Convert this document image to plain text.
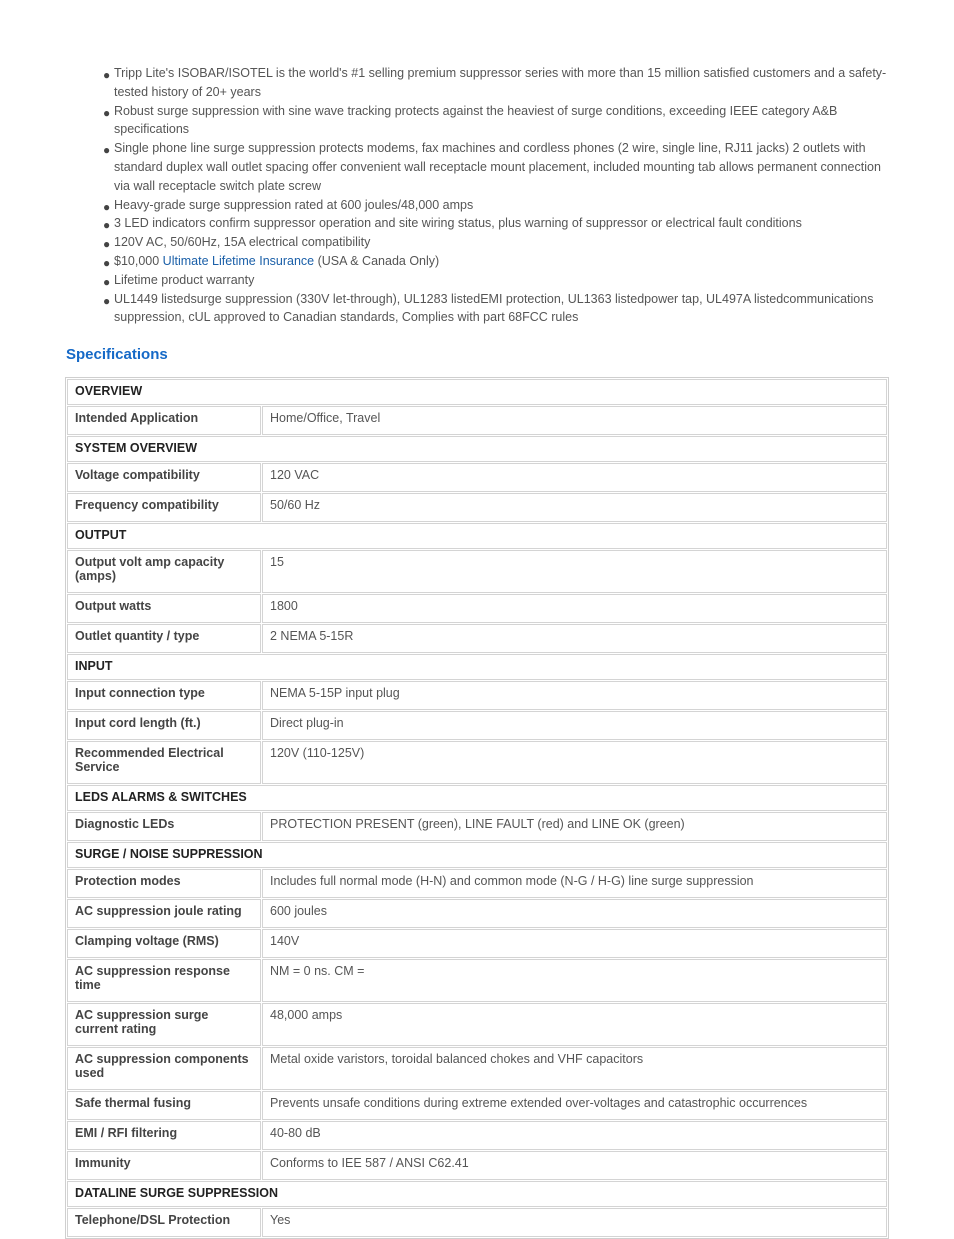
● Tripp Lite's ISOBAR/ISOTEL is the world's #1 selling premium suppressor series with more than 15 million satisfied customers and a safety-tested history of 20+ years
● Robust surge suppression with sine wave tracking protects against the heaviest of surge conditions, exceeding IEEE category A&B specifications
● Single phone line surge suppression protects modems, fax machines and cordless phones (2 wire, single line, RJ11 jacks) 2 outlets with standard duplex wall outlet spacing offer convenient wall receptacle mount placement, included mounting tab allows permanent connection via wall receptacle switch plate screw
● Heavy-grade surge suppression rated at 600 joules/48,000 amps
● 3 LED indicators confirm suppressor operation and site wiring status, plus warning of suppressor or electrical fault conditions
● 120V AC, 50/60Hz, 15A electrical compatibility
● $10,000 Ultimate Lifetime Insurance (USA & Canada Only)
● Lifetime product warranty
● UL1449 listedsurge suppression (330V let-through), UL1283 listedEMI protection, UL1363 listedpower tap, UL497A listedcommunications suppression, cUL approved to Canadian standards, Complies with part 68FCC rules
Specifications
OVERVIEW	
Intended Application	Home/Office, Travel
SYSTEM OVERVIEW	
Voltage compatibility	120 VAC
Frequency compatibility	50/60 Hz
OUTPUT	
Output volt amp capacity (amps)	15
Output watts	1800
Outlet quantity / type	2 NEMA 5-15R
INPUT	
Input connection type	NEMA 5-15P input plug
Input cord length (ft.)	Direct plug-in
Recommended Electrical Service	120V (110-125V)
LEDS ALARMS & SWITCHES	
Diagnostic LEDs	PROTECTION PRESENT (green), LINE FAULT (red) and LINE OK (green)
SURGE / NOISE SUPPRESSION	
Protection modes	Includes full normal mode (H-N) and common mode (N-G / H-G) line surge suppression
AC suppression joule rating	600 joules
Clamping voltage (RMS)	140V
AC suppression response time	NM = 0 ns. CM =
AC suppression surge current rating	48,000 amps
AC suppression components used	Metal oxide varistors, toroidal balanced chokes and VHF capacitors
Safe thermal fusing	Prevents unsafe conditions during extreme extended over-voltages and catastrophic occurrences
EMI / RFI filtering	40-80 dB
Immunity	Conforms to IEE 587 / ANSI C62.41
DATALINE SURGE SUPPRESSION	
Telephone/DSL Protection	Yes
